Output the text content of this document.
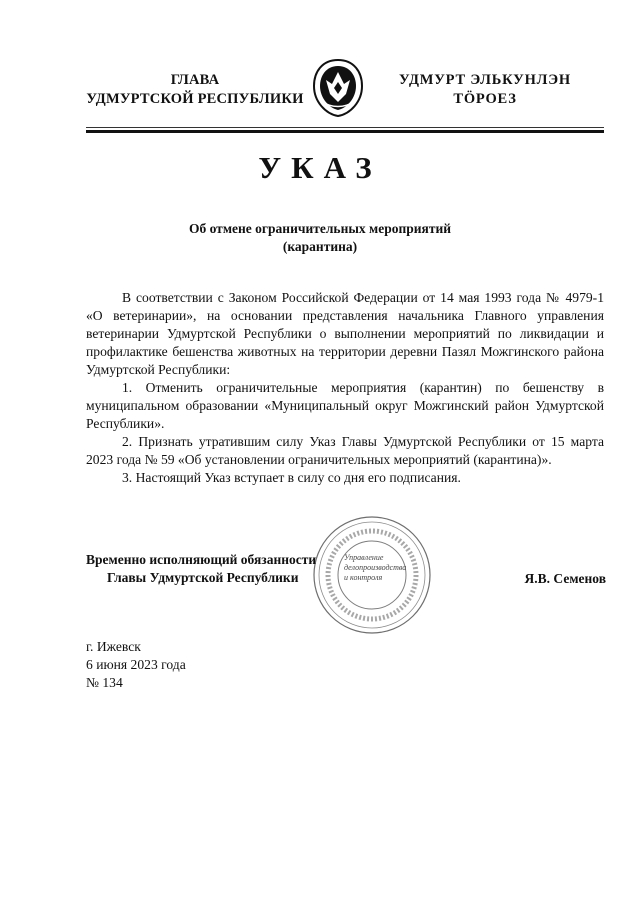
ГЛАВА
УДМУРТСКОЙ РЕСПУБЛИКИ
УДМУРТ ЭЛЬКУНЛЭН
ТӦРОЕЗ
УКАЗ
Об отмене ограничительных мероприятий
(карантина)

В соответствии с Законом Российской Федерации от 14 мая 1993 года № 4979-1 «О ветеринарии», на основании представления начальника Главного управления ветеринарии Удмуртской Республики о выполнении мероприятий по ликвидации и профилактике бешенства животных на территории деревни Пазял Можгинского района Удмуртской Республики:

1. Отменить ограничительные мероприятия (карантин) по бешенству в муниципальном образовании «Муниципальный округ Можгинский район Удмуртской Республики».

2. Признать утратившим силу Указ Главы Удмуртской Республики от 15 марта 2023 года № 59 «Об установлении ограничительных мероприятий (карантина)».

3. Настоящий Указ вступает в силу со дня его подписания.

Управление
делопроизводства
и контроля
Временно исполняющий обязанности
Главы Удмуртской Республики	Я.В. Семенов
г. Ижевск
6 июня 2023 года
№ 134
